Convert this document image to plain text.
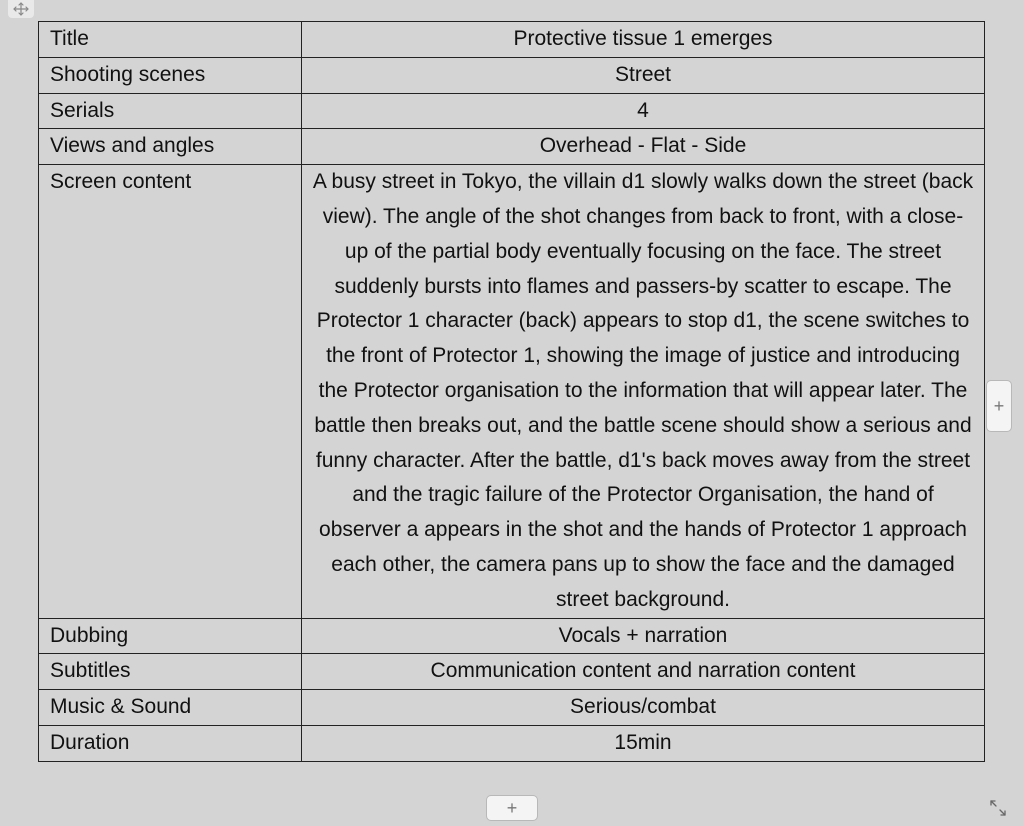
Title	Protective tissue 1 emerges
Shooting scenes	Street
Serials	4
Views and angles	Overhead - Flat - Side
Screen content	A busy street in Tokyo, the villain d1 slowly walks down the street (back view). The angle of the shot changes from back to front, with a close-up of the partial body eventually focusing on the face. The street suddenly bursts into flames and passers-by scatter to escape. The Protector 1 character (back) appears to stop d1, the scene switches to the front of Protector 1, showing the image of justice and introducing the Protector organisation to the information that will appear later. The battle then breaks out, and the battle scene should show a serious and funny character. After the battle, d1's back moves away from the street and the tragic failure of the Protector Organisation, the hand of observer a appears in the shot and the hands of Protector 1 approach each other, the camera pans up to show the face and the damaged street background.
Dubbing	Vocals + narration
Subtitles	Communication content and narration content
Music & Sound	Serious/combat
Duration	15min
+
+
